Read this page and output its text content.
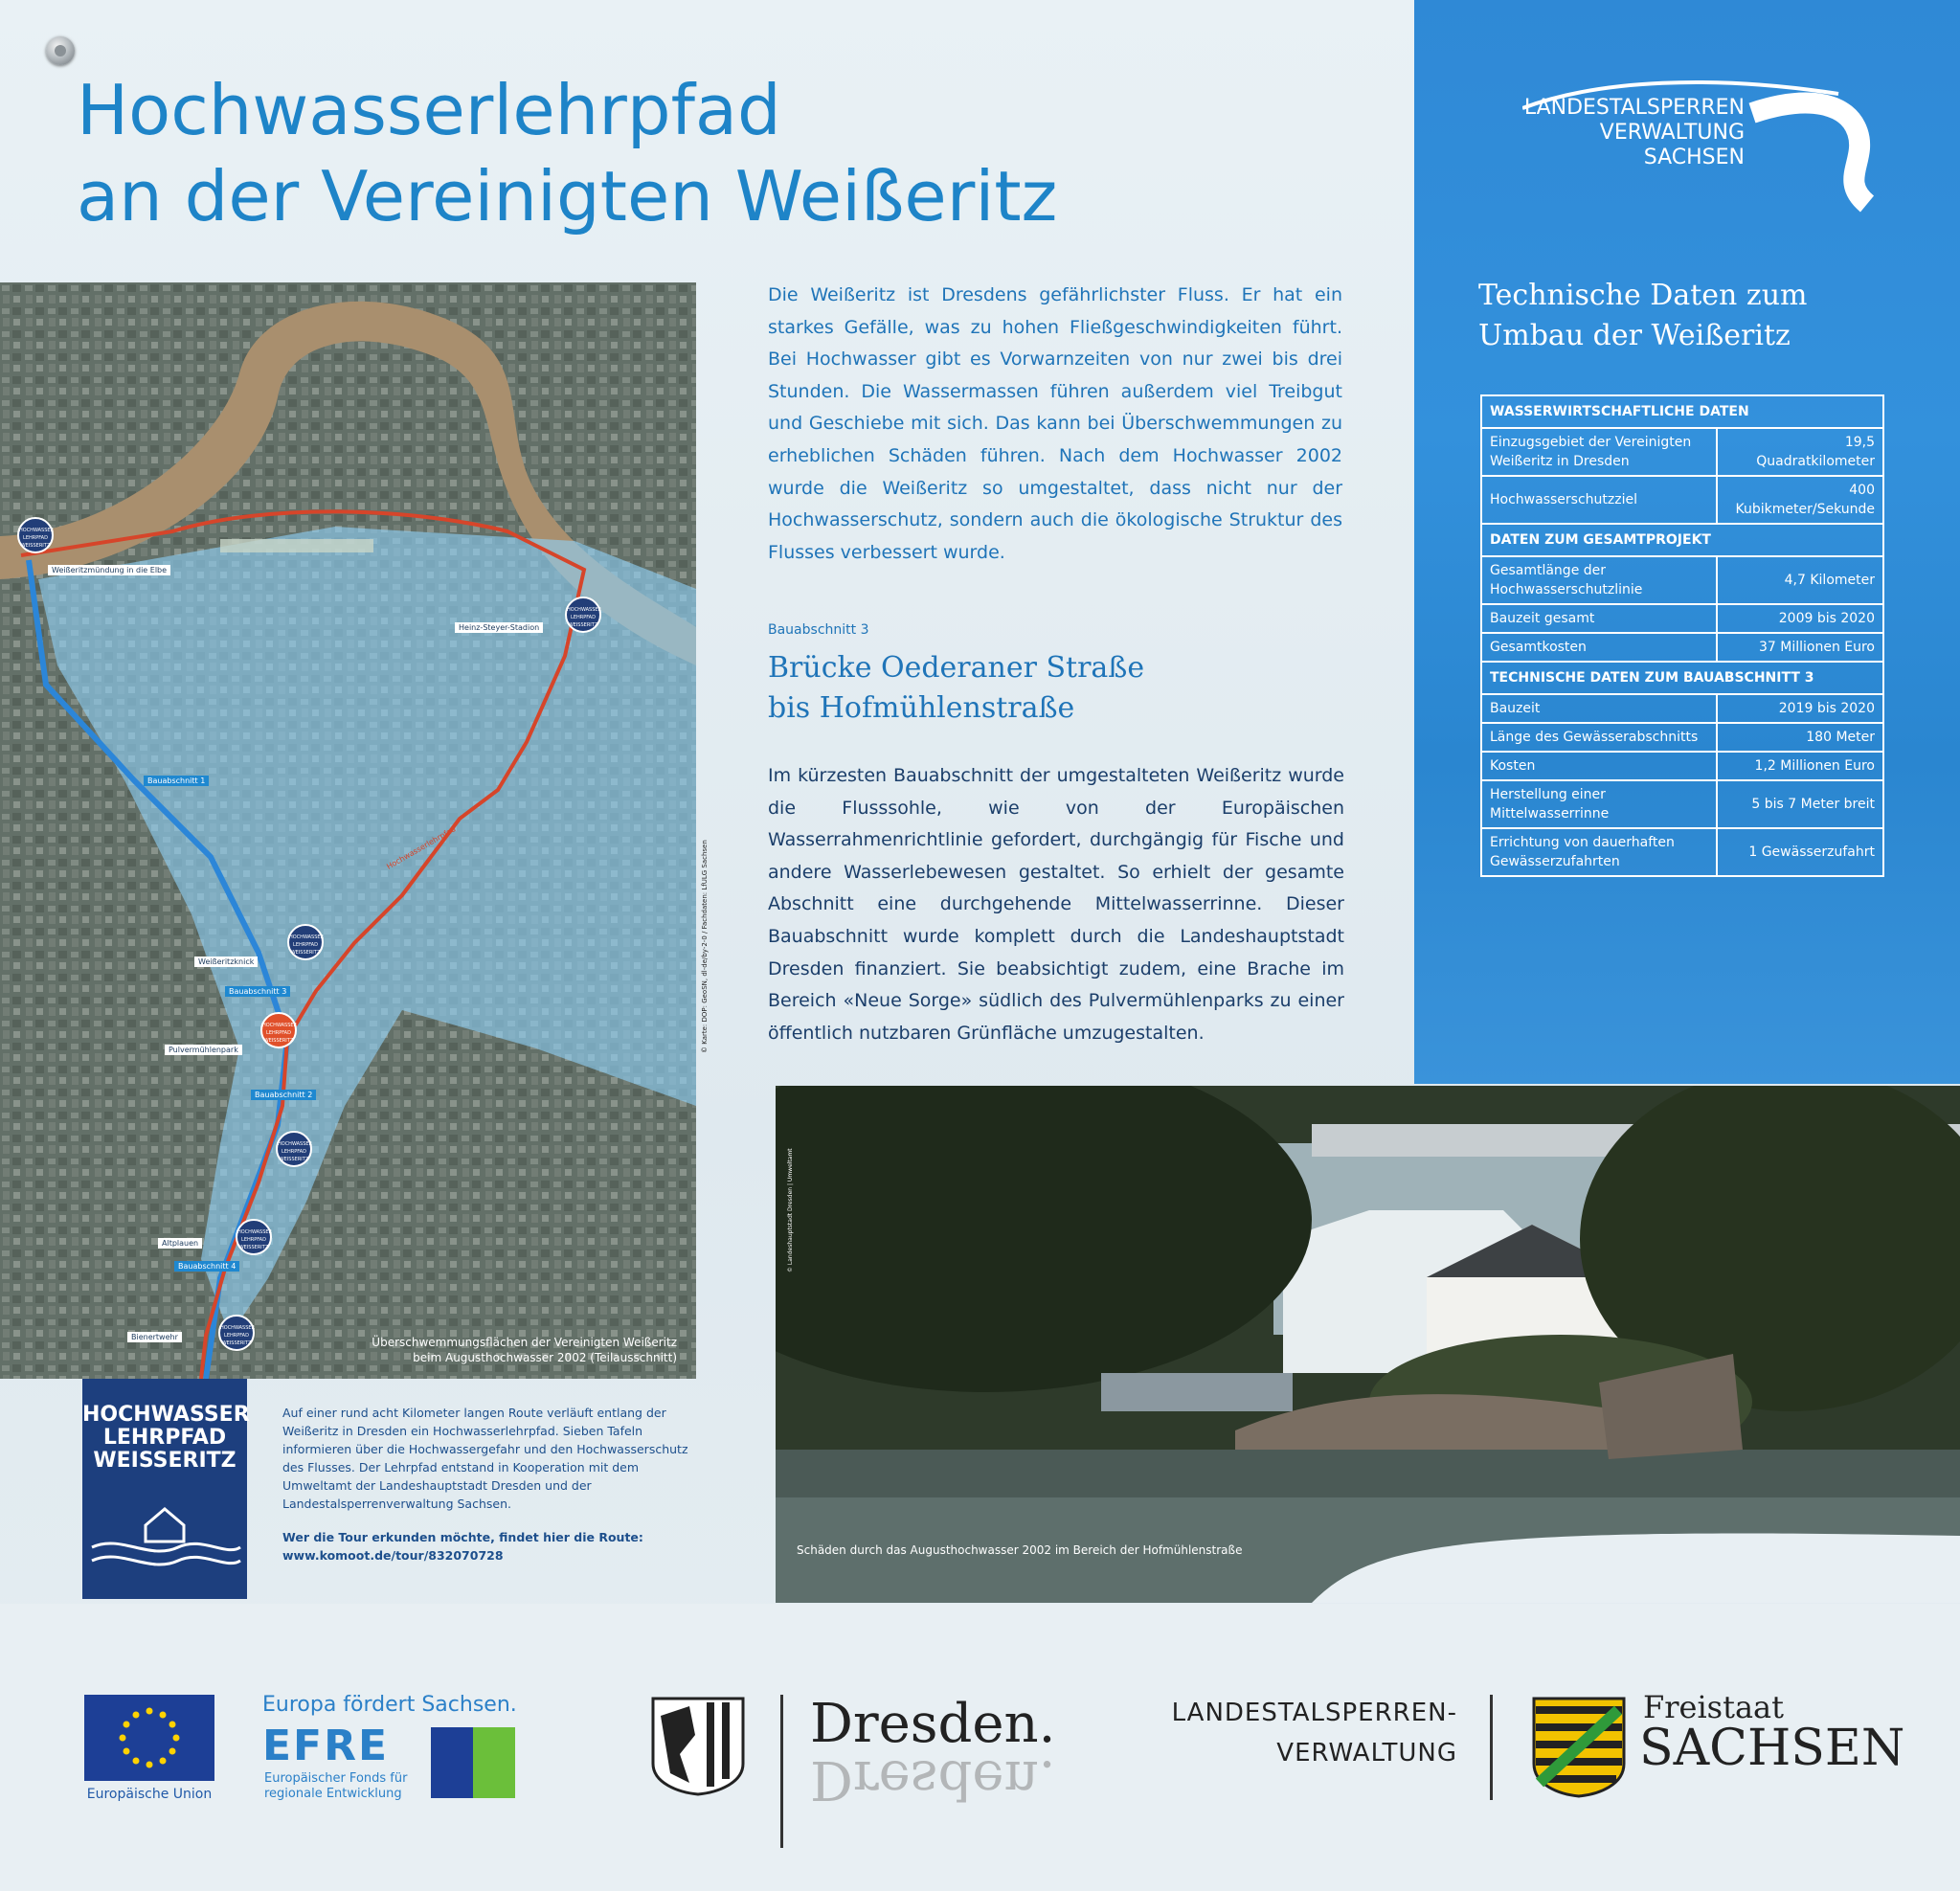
Hochwasserlehrpfad
an der Vereinigten Weißeritz
Weißeritzmündung in die Elbe
Heinz-Steyer-Stadion
Bauabschnitt 1
Hochwasserlehrpfad
Weißeritzknick
Bauabschnitt 3
Pulvermühlenpark
Bauabschnitt 2
Altplauen
Bauabschnitt 4
Bienertwehr
HOCHWASSER LEHRPFAD WEISSERITZ
HOCHWASSER LEHRPFAD WEISSERITZ
HOCHWASSER LEHRPFAD WEISSERITZ
HOCHWASSER LEHRPFAD WEISSERITZ
HOCHWASSER LEHRPFAD WEISSERITZ
HOCHWASSER LEHRPFAD WEISSERITZ
HOCHWASSER LEHRPFAD WEISSERITZ	Überschwemmungsflächen der Vereinigten Weißeritz
beim Augusthochwasser 2002 (Teilausschnitt)
© Karte: DOP: GeoSN, dl-de/by-2-0 / Fachdaten: LfULG Sachsen
HOCHWASSER
LEHRPFAD
WEISSERITZ

Auf einer rund acht Kilometer langen Route verläuft entlang der Weißeritz in Dresden ein Hochwasserlehrpfad. Sieben Tafeln informieren über die Hochwassergefahr und den Hochwasserschutz des Flusses. Der Lehrpfad entstand in Kooperation mit dem Umweltamt der Landeshauptstadt Dresden und der Landestalsperrenverwaltung Sachsen.

Wer die Tour erkunden möchte, findet hier die Route:
www.komoot.de/tour/832070728
Die Weißeritz ist Dresdens gefährlichster Fluss. Er hat ein starkes Gefälle, was zu hohen Fließgeschwindigkeiten führt. Bei Hochwasser gibt es Vorwarnzeiten von nur zwei bis drei Stunden. Die Wassermassen führen außerdem viel Treibgut und Geschiebe mit sich. Das kann bei Überschwemmungen zu erheblichen Schäden führen. Nach dem Hochwasser 2002 wurde die Weißeritz so umgestaltet, dass nicht nur der Hochwasserschutz, sondern auch die ökologische Struktur des Flusses verbessert wurde.
Bauabschnitt 3
Brücke Oederaner Straße
bis Hofmühlenstraße
Im kürzesten Bauabschnitt der umgestalteten Weißeritz wurde die Flusssohle, wie von der Europäischen Wasserrahmenrichtlinie gefordert, durchgängig für Fische und andere Wasserlebewesen gestaltet. So erhielt der gesamte Abschnitt eine durchgehende Mittelwasserrinne. Dieser Bauabschnitt wurde komplett durch die Landeshauptstadt Dresden finanziert. Sie beabsichtigt zudem, eine Brache im Bereich «Neue Sorge» südlich des Pulvermühlenparks zu einer öffentlich nutzbaren Grünfläche umzugestalten.
LANDESTALSPERREN
VERWALTUNG
SACHSEN
Technische Daten zum
Umbau der Weißeritz
WASSERWIRTSCHAFTLICHE DATEN	
Einzugsgebiet der Vereinigten Weißeritz in Dresden	19,5 Quadratkilometer
Hochwasserschutzziel	400 Kubikmeter/Sekunde
DATEN ZUM GESAMTPROJEKT	
Gesamtlänge der Hochwasserschutzlinie	4,7 Kilometer
Bauzeit gesamt	2009 bis 2020
Gesamtkosten	37 Millionen Euro
TECHNISCHE DATEN ZUM BAUABSCHNITT 3	
Bauzeit	2019 bis 2020
Länge des Gewässerabschnitts	180 Meter
Kosten	1,2 Millionen Euro
Herstellung einer Mittelwasserrinne	5 bis 7 Meter breit
Errichtung von dauerhaften Gewässerzufahrten	1 Gewässerzufahrt
© Landeshauptstadt Dresden | Umweltamt
Schäden durch das Augusthochwasser 2002 im Bereich der Hofmühlenstraße
Europäische Union
Europa fördert Sachsen.
EFRE
Europäischer Fonds für
regionale Entwicklung
Dresden.
Dresden.
LANDESTALSPERREN-
VERWALTUNG
Freistaat
SACHSEN
